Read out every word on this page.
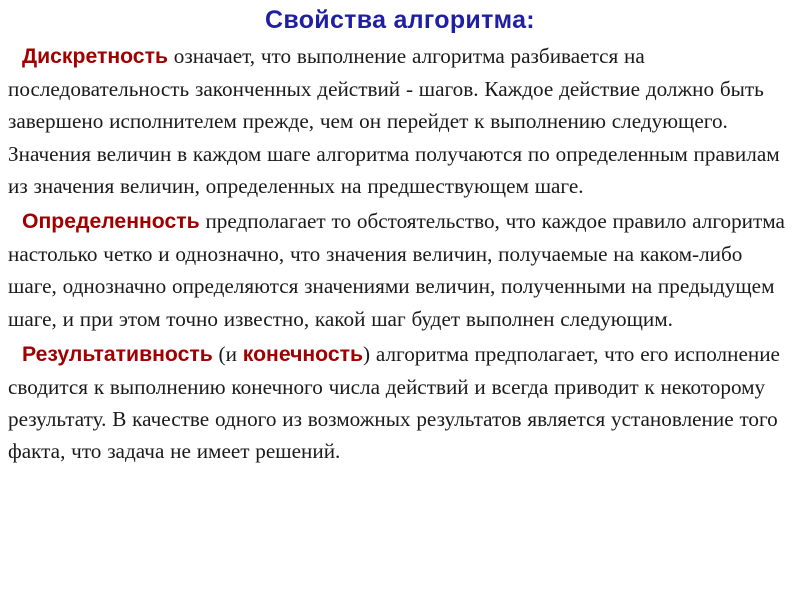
Свойства алгоритма:

Дискретность означает, что выполнение алгоритма разбивается на последовательность законченных действий - шагов. Каждое действие должно быть завершено исполнителем прежде, чем он перейдет к выполнению следующего. Значения величин в каждом шаге алгоритма получаются по определенным правилам из значения величин, определенных на предшествующем шаге.

Определенность предполагает то обстоятельство, что каждое правило алгоритма настолько четко и однозначно, что значения величин, получаемые на каком-либо шаге, однозначно определяются значениями величин, полученными на предыдущем шаге, и при этом точно известно, какой шаг будет выполнен следующим.

Результативность (и конечность) алгоритма предполагает, что его исполнение сводится к выполнению конечного числа действий и всегда приводит к некоторому результату. В качестве одного из возможных результатов является установление того факта, что задача не имеет решений.
